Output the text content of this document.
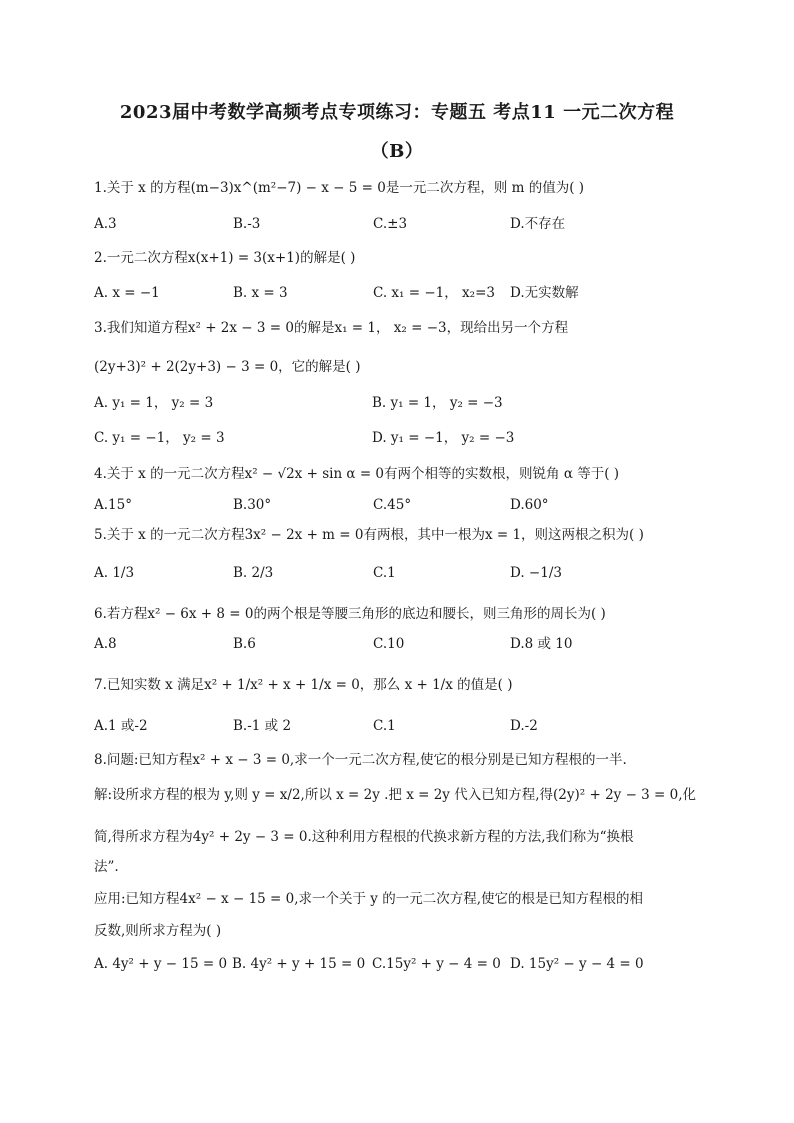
2023届中考数学高频考点专项练习：专题五 考点11 一元二次方程
（B）
1.关于 x 的方程(m−3)x^(m²−7) − x − 5 = 0是一元二次方程，则 m 的值为( )
A.3	B.-3	C.±3	D.不存在
2.一元二次方程x(x+1) = 3(x+1)的解是( )
A. x = −1	B. x = 3	C. x₁ = −1， x₂=3 D.无实数解
3.我们知道方程x² + 2x − 3 = 0的解是x₁ = 1， x₂ = −3，现给出另一个方程
(2y+3)² + 2(2y+3) − 3 = 0，它的解是( )
A. y₁ = 1， y₂ = 3	B. y₁ = 1， y₂ = −3
C. y₁ = −1， y₂ = 3	D. y₁ = −1， y₂ = −3
4.关于 x 的一元二次方程x² − √2x + sin α = 0有两个相等的实数根，则锐角 α 等于( )
A.15°	B.30°	C.45°	D.60°
5.关于 x 的一元二次方程3x² − 2x + m = 0有两根，其中一根为x = 1，则这两根之积为( )
A. 1/3	B. 2/3	C.1	D. −1/3
6.若方程x² − 6x + 8 = 0的两个根是等腰三角形的底边和腰长，则三角形的周长为( )
A.8	B.6	C.10	D.8 或 10
7.已知实数 x 满足x² + 1/x² + x + 1/x = 0，那么 x + 1/x 的值是( )
A.1 或-2	B.-1 或 2	C.1	D.-2
8.问题:已知方程x² + x − 3 = 0,求一个一元二次方程,使它的根分别是已知方程根的一半.
解:设所求方程的根为 y,则 y = x/2,所以 x = 2y .把 x = 2y 代入已知方程,得(2y)² + 2y − 3 = 0,化
简,得所求方程为4y² + 2y − 3 = 0.这种利用方程根的代换求新方程的方法,我们称为“换根
法”.
应用:已知方程4x² − x − 15 = 0,求一个关于 y 的一元二次方程,使它的根是已知方程根的相
反数,则所求方程为( )
A. 4y² + y − 15 = 0 B. 4y² + y + 15 = 0 C.15y² + y − 4 = 0 D. 15y² − y − 4 = 0
